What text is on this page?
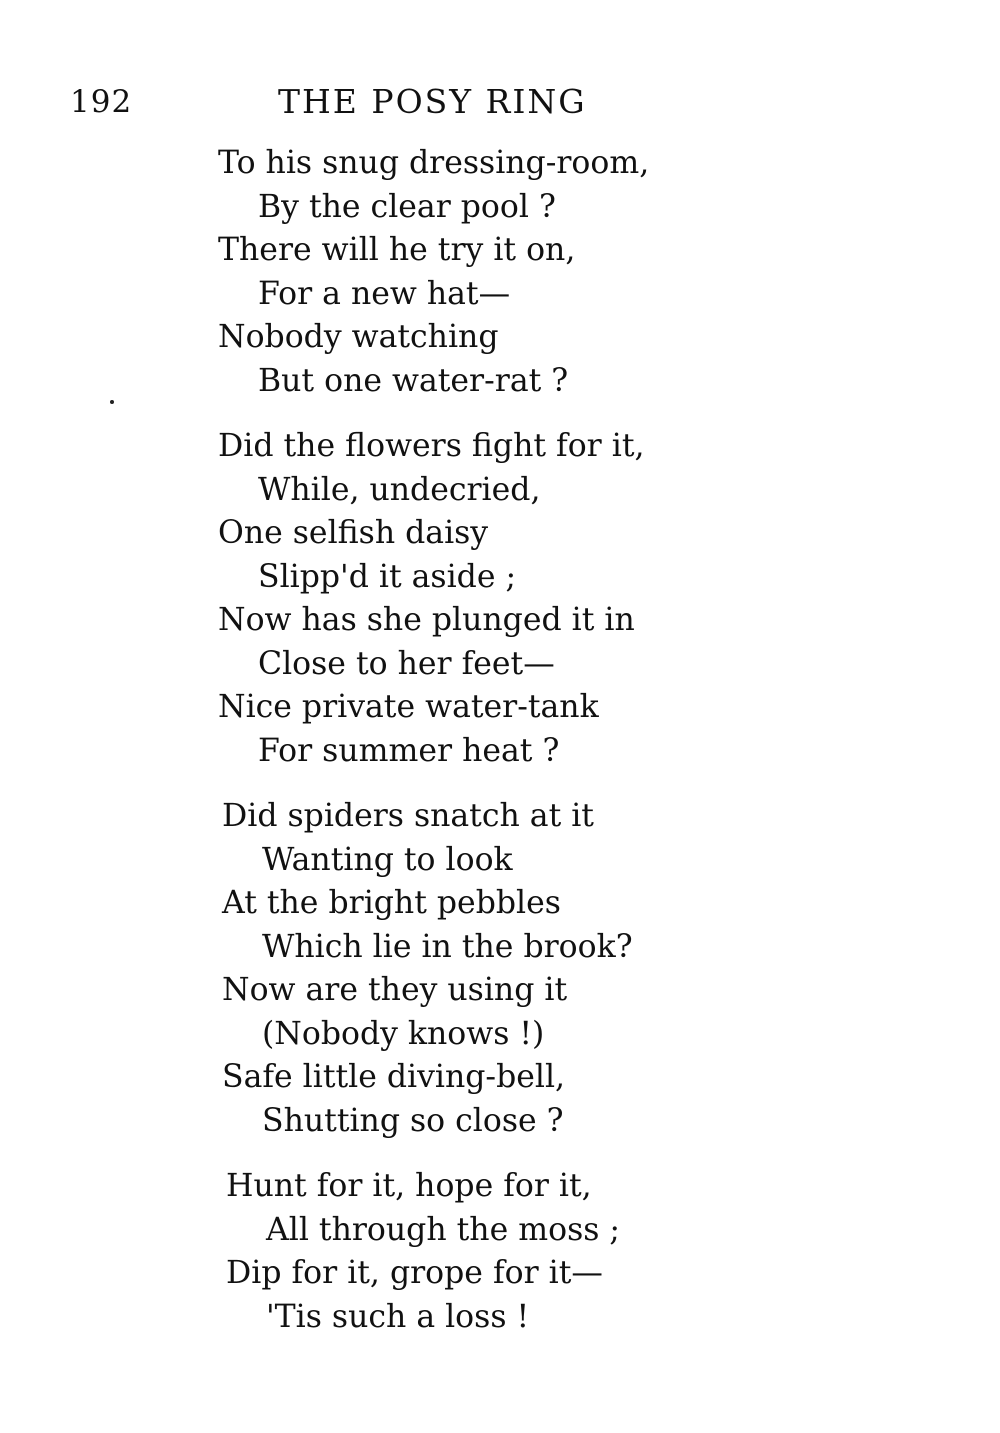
192	THE POSY RING
To his snug dressing-room,
By the clear pool ?
There will he try it on,
For a new hat—
Nobody watching
But one water-rat ?
Did the flowers fight for it,
While, undecried,
One selfish daisy
Slipp'd it aside ;
Now has she plunged it in
Close to her feet—
Nice private water-tank
For summer heat ?
Did spiders snatch at it
Wanting to look
At the bright pebbles
Which lie in the brook?
Now are they using it
(Nobody knows !)
Safe little diving-bell,
Shutting so close ?
Hunt for it, hope for it,
All through the moss ;
Dip for it, grope for it—
'Tis such a loss !
